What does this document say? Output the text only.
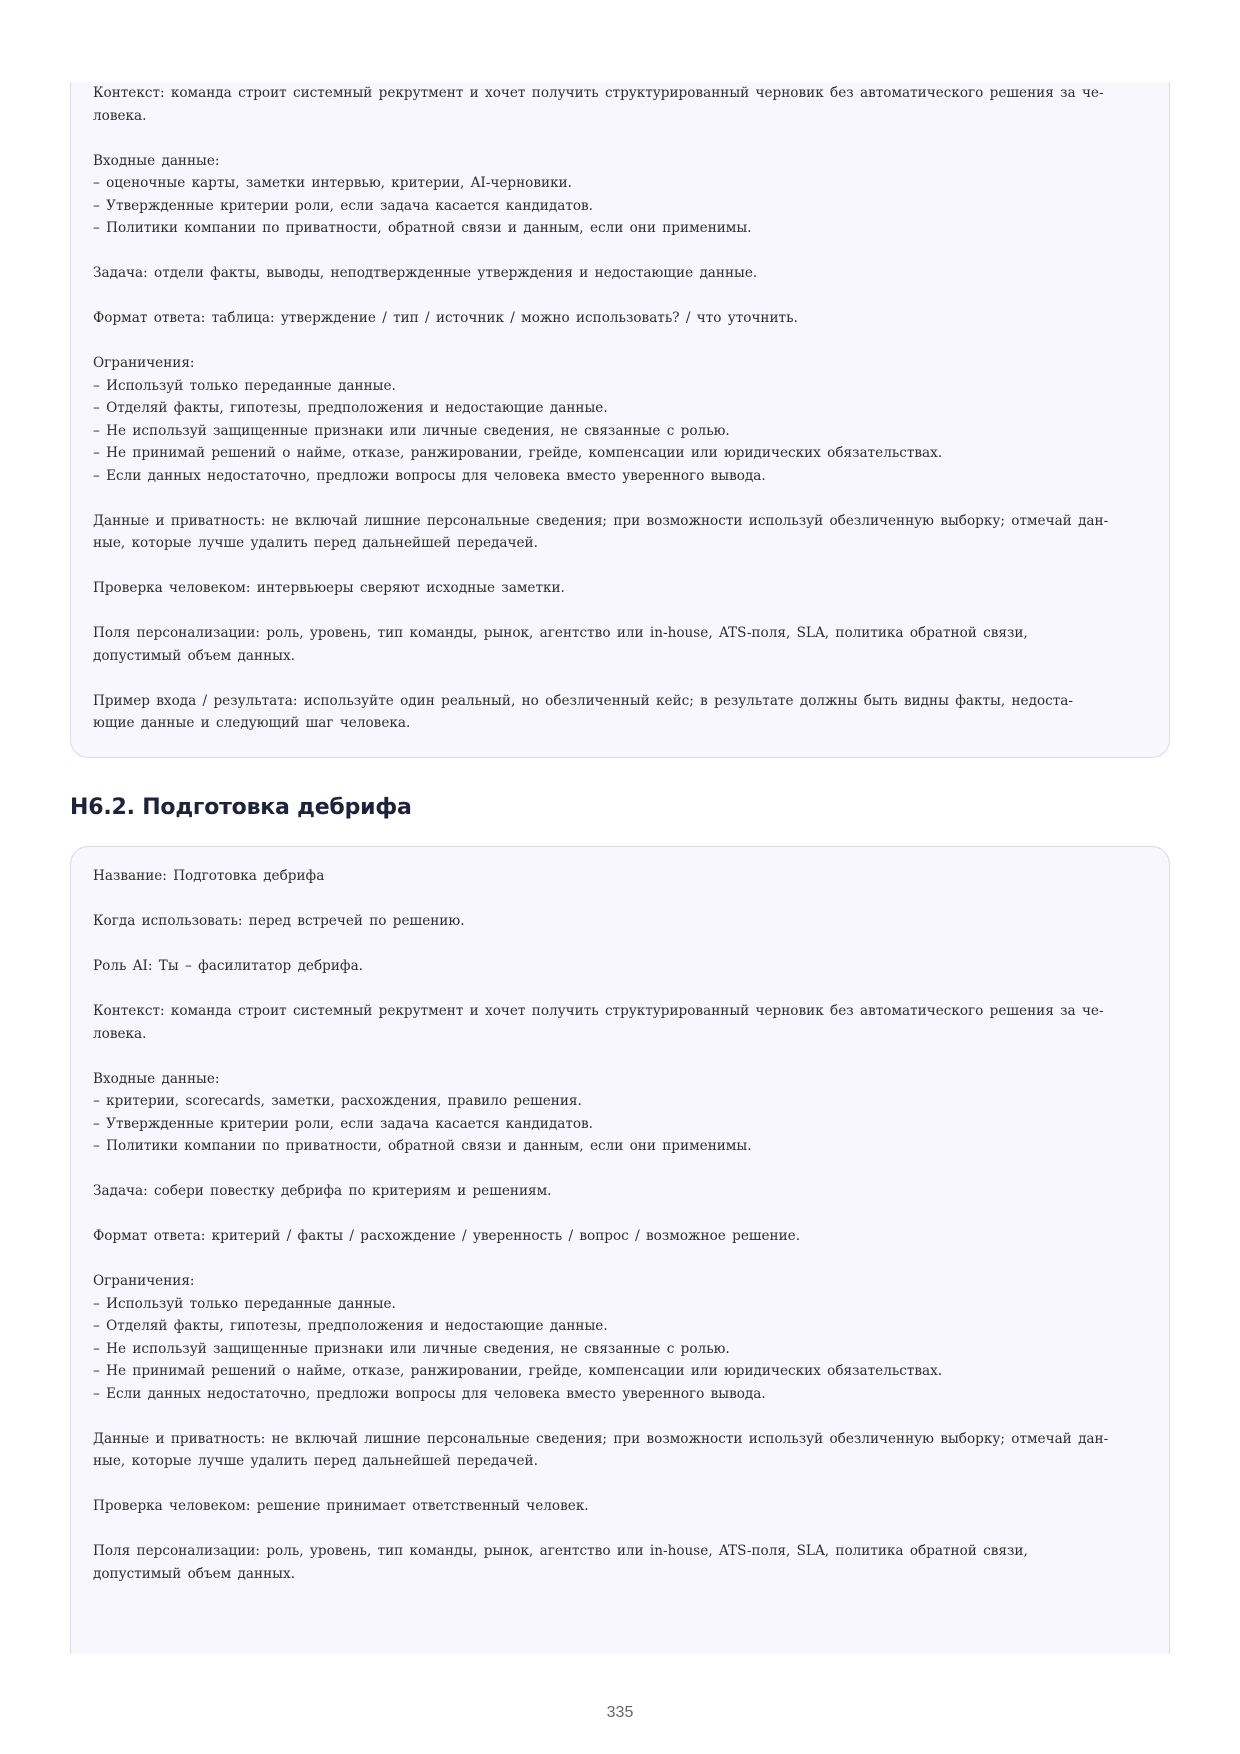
Контекст: команда строит системный рекрутмент и хочет получить структурированный черновик без автоматического решения за че-
ловека.
Входные данные:
– оценочные карты, заметки интервью, критерии, AI-черновики.
– Утвержденные критерии роли, если задача касается кандидатов.
– Политики компании по приватности, обратной связи и данным, если они применимы.
Задача: отдели факты, выводы, неподтвержденные утверждения и недостающие данные.
Формат ответа: таблица: утверждение / тип / источник / можно использовать? / что уточнить.
Ограничения:
– Используй только переданные данные.
– Отделяй факты, гипотезы, предположения и недостающие данные.
– Не используй защищенные признаки или личные сведения, не связанные с ролью.
– Не принимай решений о найме, отказе, ранжировании, грейде, компенсации или юридических обязательствах.
– Если данных недостаточно, предложи вопросы для человека вместо уверенного вывода.
Данные и приватность: не включай лишние персональные сведения; при возможности используй обезличенную выборку; отмечай дан-
ные, которые лучше удалить перед дальнейшей передачей.
Проверка человеком: интервьюеры сверяют исходные заметки.
Поля персонализации: роль, уровень, тип команды, рынок, агентство или in-house, ATS-поля, SLA, политика обратной связи,
допустимый объем данных.
Пример входа / результата: используйте один реальный, но обезличенный кейс; в результате должны быть видны факты, недоста-
ющие данные и следующий шаг человека.
H6.2. Подготовка дебрифа
Название: Подготовка дебрифа
Когда использовать: перед встречей по решению.
Роль AI: Ты – фасилитатор дебрифа.
Контекст: команда строит системный рекрутмент и хочет получить структурированный черновик без автоматического решения за че-
ловека.
Входные данные:
– критерии, scorecards, заметки, расхождения, правило решения.
– Утвержденные критерии роли, если задача касается кандидатов.
– Политики компании по приватности, обратной связи и данным, если они применимы.
Задача: собери повестку дебрифа по критериям и решениям.
Формат ответа: критерий / факты / расхождение / уверенность / вопрос / возможное решение.
Ограничения:
– Используй только переданные данные.
– Отделяй факты, гипотезы, предположения и недостающие данные.
– Не используй защищенные признаки или личные сведения, не связанные с ролью.
– Не принимай решений о найме, отказе, ранжировании, грейде, компенсации или юридических обязательствах.
– Если данных недостаточно, предложи вопросы для человека вместо уверенного вывода.
Данные и приватность: не включай лишние персональные сведения; при возможности используй обезличенную выборку; отмечай дан-
ные, которые лучше удалить перед дальнейшей передачей.
Проверка человеком: решение принимает ответственный человек.
Поля персонализации: роль, уровень, тип команды, рынок, агентство или in-house, ATS-поля, SLA, политика обратной связи,
допустимый объем данных.
335
